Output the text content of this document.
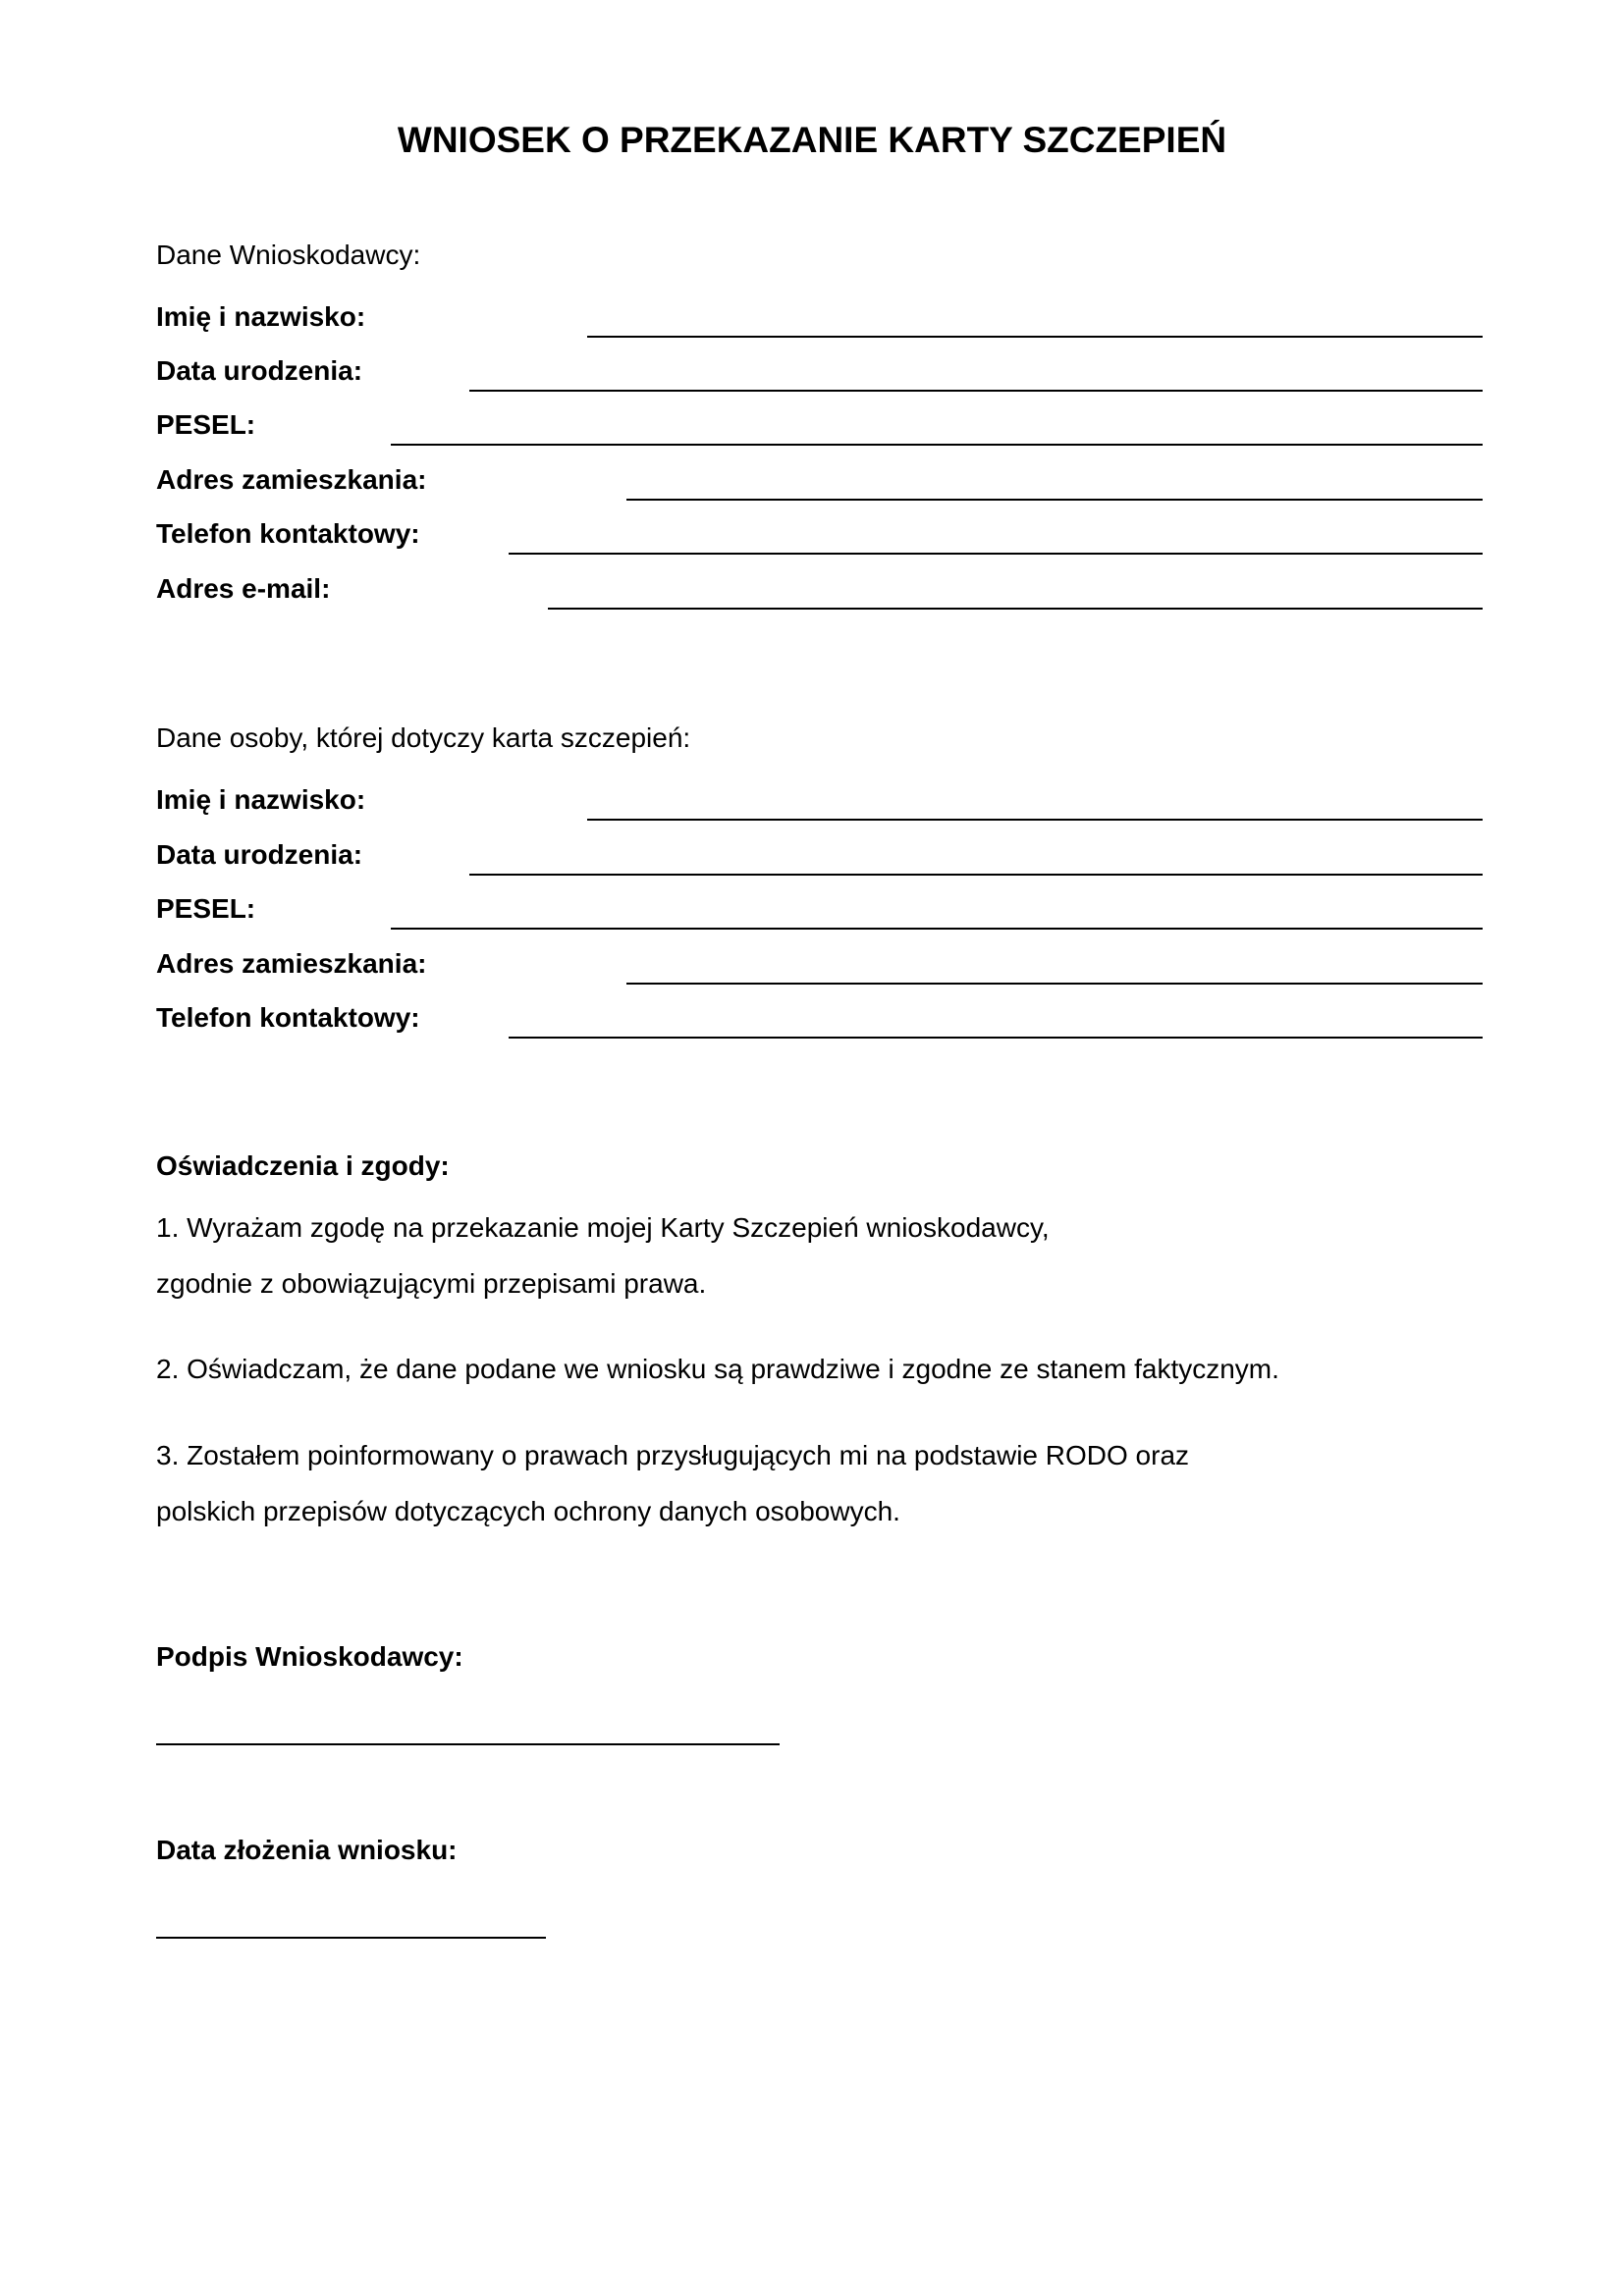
WNIOSEK O PRZEKAZANIE KARTY SZCZEPIEŃ
Dane Wnioskodawcy:
Imię i nazwisko:
Data urodzenia:
PESEL:
Adres zamieszkania:
Telefon kontaktowy:
Adres e-mail:
Dane osoby, której dotyczy karta szczepień:
Imię i nazwisko:
Data urodzenia:
PESEL:
Adres zamieszkania:
Telefon kontaktowy:
Oświadczenia i zgody:
1. Wyrażam zgodę na przekazanie mojej Karty Szczepień wnioskodawcy,
zgodnie z obowiązującymi przepisami prawa.
2. Oświadczam, że dane podane we wniosku są prawdziwe i zgodne ze stanem faktycznym.
3. Zostałem poinformowany o prawach przysługujących mi na podstawie RODO oraz
polskich przepisów dotyczących ochrony danych osobowych.
Podpis Wnioskodawcy:
Data złożenia wniosku:
